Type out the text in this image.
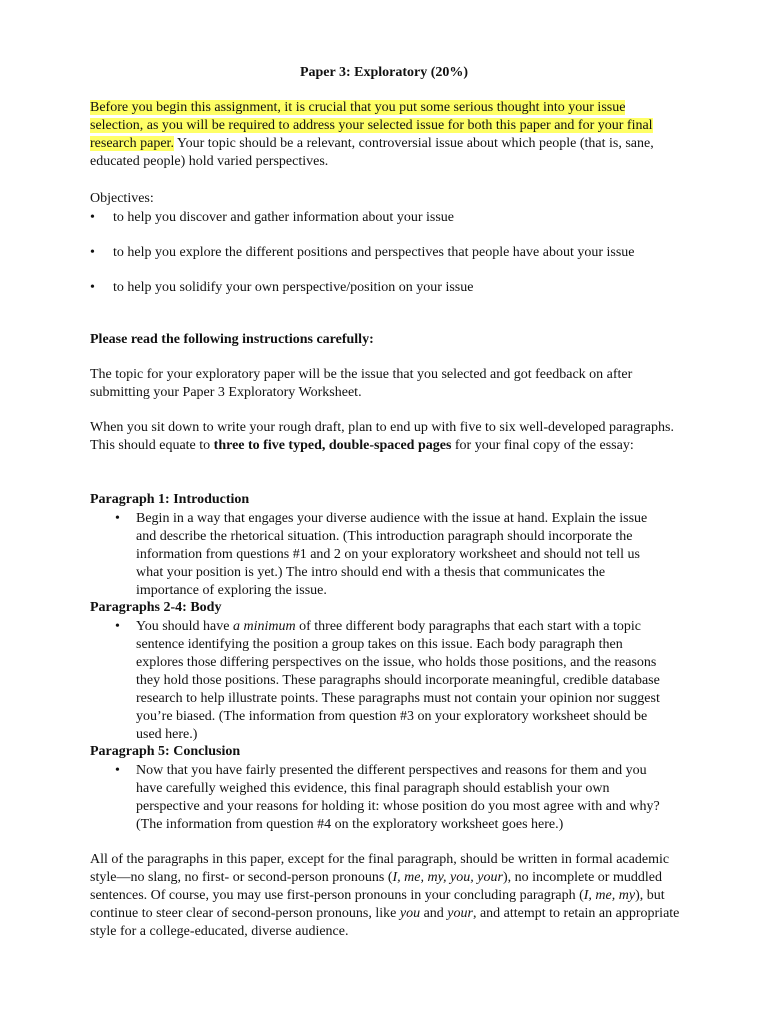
Paper 3: Exploratory (20%)

Before you begin this assignment, it is crucial that you put some serious thought into your issue selection, as you will be required to address your selected issue for both this paper and for your final research paper. Your topic should be a relevant, controversial issue about which people (that is, sane, educated people) hold varied perspectives.

Objectives:

• to help you discover and gather information about your issue
• to help you explore the different positions and perspectives that people have about your issue
• to help you solidify your own perspective/position on your issue

Please read the following instructions carefully:

The topic for your exploratory paper will be the issue that you selected and got feedback on after submitting your Paper 3 Exploratory Worksheet.

When you sit down to write your rough draft, plan to end up with five to six well-developed paragraphs. This should equate to three to five typed, double-spaced pages for your final copy of the essay:

Paragraph 1: Introduction

• Begin in a way that engages your diverse audience with the issue at hand. Explain the issue and describe the rhetorical situation. (This introduction paragraph should incorporate the information from questions #1 and 2 on your exploratory worksheet and should not tell us what your position is yet.) The intro should end with a thesis that communicates the importance of exploring the issue.

Paragraphs 2-4: Body

• You should have a minimum of three different body paragraphs that each start with a topic sentence identifying the position a group takes on this issue. Each body paragraph then explores those differing perspectives on the issue, who holds those positions, and the reasons they hold those positions. These paragraphs should incorporate meaningful, credible database research to help illustrate points. These paragraphs must not contain your opinion nor suggest you’re biased. (The information from question #3 on your exploratory worksheet should be used here.)

Paragraph 5: Conclusion

• Now that you have fairly presented the different perspectives and reasons for them and you have carefully weighed this evidence, this final paragraph should establish your own perspective and your reasons for holding it: whose position do you most agree with and why? (The information from question #4 on the exploratory worksheet goes here.)

All of the paragraphs in this paper, except for the final paragraph, should be written in formal academic style—no slang, no first- or second-person pronouns (I, me, my, you, your), no incomplete or muddled sentences. Of course, you may use first-person pronouns in your concluding paragraph (I, me, my), but continue to steer clear of second-person pronouns, like you and your, and attempt to retain an appropriate style for a college-educated, diverse audience.
